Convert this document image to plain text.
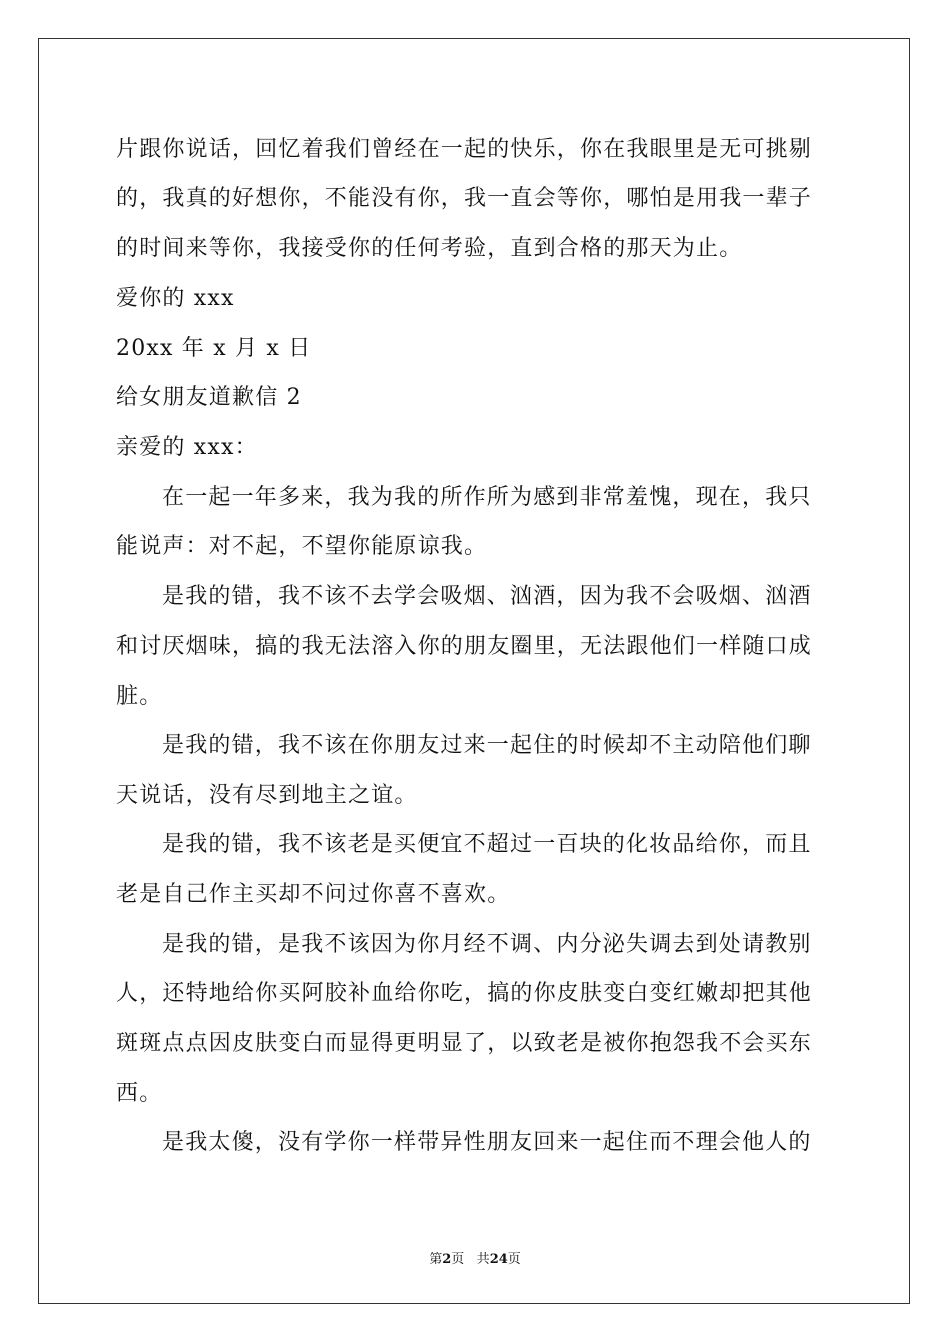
片跟你说话，回忆着我们曾经在一起的快乐，你在我眼里是无可挑剔
的，我真的好想你，不能没有你，我一直会等你，哪怕是用我一辈子
的时间来等你，我接受你的任何考验，直到合格的那天为止。
爱你的 xxx
20xx 年 x 月 x 日
给女朋友道歉信 2
亲爱的 xxx：
在一起一年多来，我为我的所作所为感到非常羞愧，现在，我只
能说声：对不起，不望你能原谅我。
是我的错，我不该不去学会吸烟、汹酒，因为我不会吸烟、汹酒
和讨厌烟味，搞的我无法溶入你的朋友圈里，无法跟他们一样随口成
脏。
是我的错，我不该在你朋友过来一起住的时候却不主动陪他们聊
天说话，没有尽到地主之谊。
是我的错，我不该老是买便宜不超过一百块的化妆品给你，而且
老是自己作主买却不问过你喜不喜欢。
是我的错，是我不该因为你月经不调、内分泌失调去到处请教别
人，还特地给你买阿胶补血给你吃，搞的你皮肤变白变红嫩却把其他
斑斑点点因皮肤变白而显得更明显了，以致老是被你抱怨我不会买东
西。
是我太傻，没有学你一样带异性朋友回来一起住而不理会他人的
第2页 共24页
